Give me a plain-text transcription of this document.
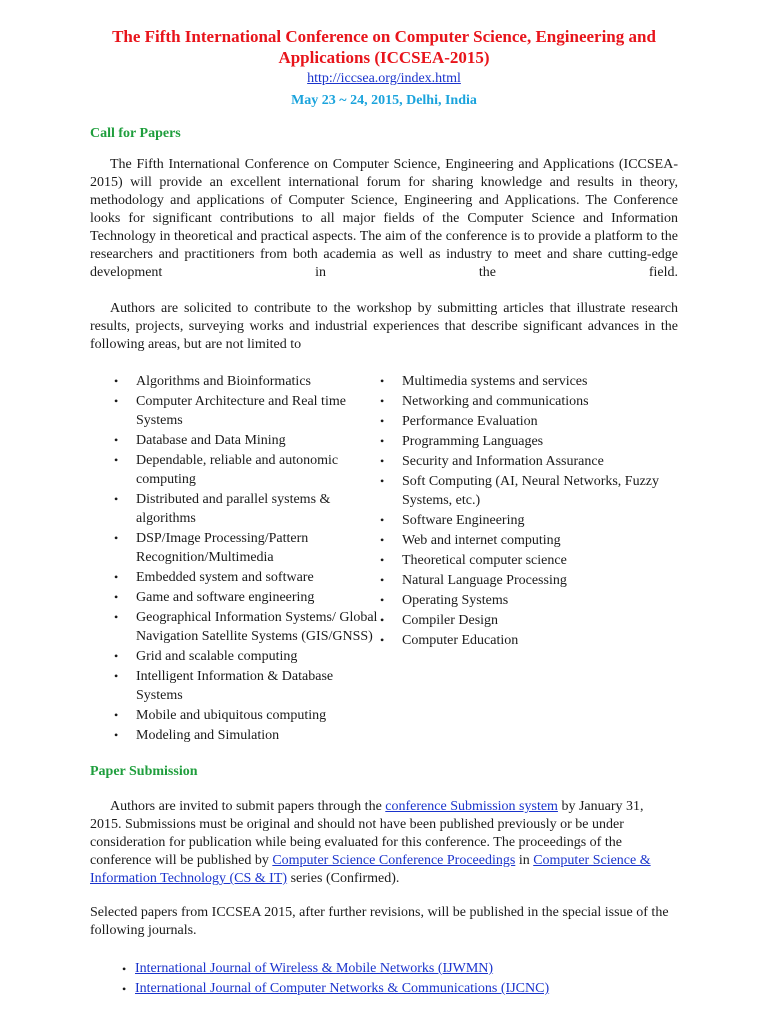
The Fifth International Conference on Computer Science, Engineering and Applications (ICCSEA-2015)
http://iccsea.org/index.html
May 23 ~ 24, 2015, Delhi, India
Call for Papers

The Fifth International Conference on Computer Science, Engineering and Applications (ICCSEA-2015) will provide an excellent international forum for sharing knowledge and results in theory, methodology and applications of Computer Science, Engineering and Applications. The Conference looks for significant contributions to all major fields of the Computer Science and Information Technology in theoretical and practical aspects. The aim of the conference is to provide a platform to the researchers and practitioners from both academia as well as industry to meet and share cutting-edge development in the field.

Authors are solicited to contribute to the workshop by submitting articles that illustrate research results, projects, surveying works and industrial experiences that describe significant advances in the following areas, but are not limited to

• Algorithms and Bioinformatics
• Computer Architecture and Real time Systems
• Database and Data Mining
• Dependable, reliable and autonomic computing
• Distributed and parallel systems & algorithms
• DSP/Image Processing/Pattern Recognition/Multimedia
• Embedded system and software
• Game and software engineering
• Geographical Information Systems/ Global Navigation Satellite Systems (GIS/GNSS)
• Grid and scalable computing
• Intelligent Information & Database Systems
• Mobile and ubiquitous computing
• Modeling and Simulation
• Multimedia systems and services
• Networking and communications
• Performance Evaluation
• Programming Languages
• Security and Information Assurance
• Soft Computing (AI, Neural Networks, Fuzzy Systems, etc.)
• Software Engineering
• Web and internet computing
• Theoretical computer science
• Natural Language Processing
• Operating Systems
• Compiler Design
• Computer Education
Paper Submission

Authors are invited to submit papers through the conference Submission system by January 31, 2015. Submissions must be original and should not have been published previously or be under consideration for publication while being evaluated for this conference. The proceedings of the conference will be published by Computer Science Conference Proceedings in Computer Science & Information Technology (CS & IT) series (Confirmed).

Selected papers from ICCSEA 2015, after further revisions, will be published in the special issue of the following journals.

• International Journal of Wireless & Mobile Networks (IJWMN)
• International Journal of Computer Networks & Communications (IJCNC)
